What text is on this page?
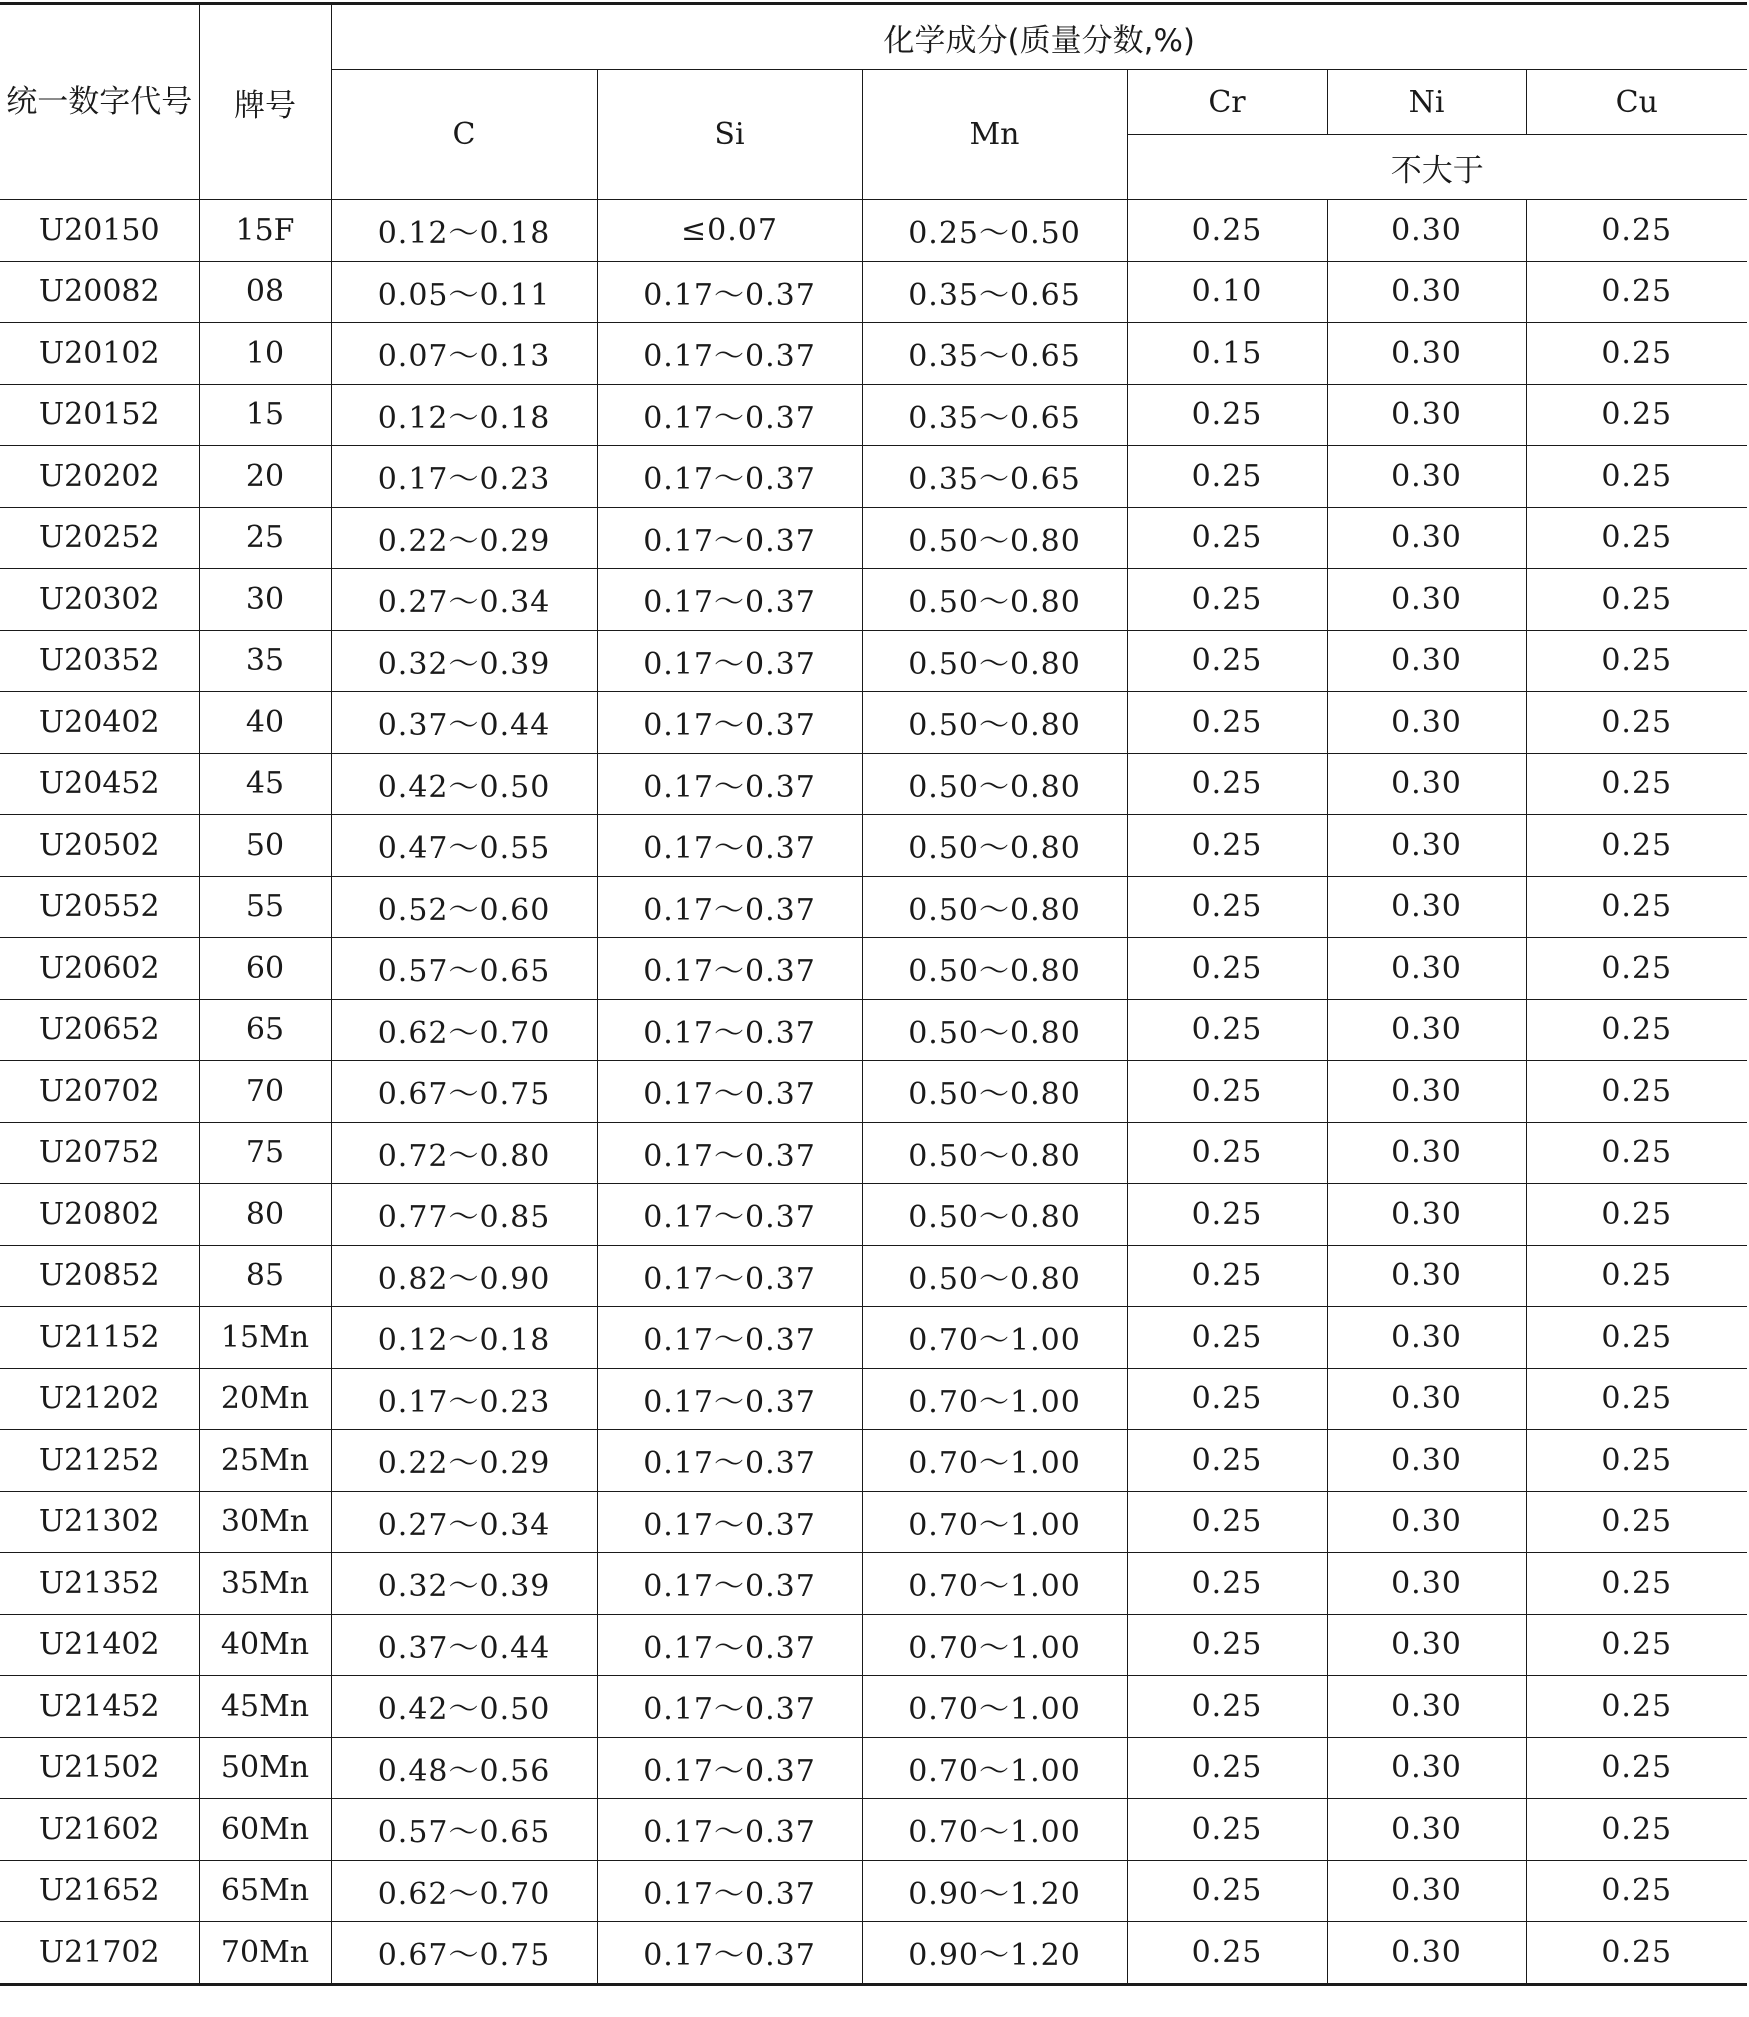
统一数字代号	牌号	化学成分(质量分数,%)					
		C	Si	Mn	Cr	Ni	Cu
					不大于		
U20150	15F	0.12～0.18	≤0.07	0.25～0.50	0.25	0.30	0.25
U20082	08	0.05～0.11	0.17～0.37	0.35～0.65	0.10	0.30	0.25
U20102	10	0.07～0.13	0.17～0.37	0.35～0.65	0.15	0.30	0.25
U20152	15	0.12～0.18	0.17～0.37	0.35～0.65	0.25	0.30	0.25
U20202	20	0.17～0.23	0.17～0.37	0.35～0.65	0.25	0.30	0.25
U20252	25	0.22～0.29	0.17～0.37	0.50～0.80	0.25	0.30	0.25
U20302	30	0.27～0.34	0.17～0.37	0.50～0.80	0.25	0.30	0.25
U20352	35	0.32～0.39	0.17～0.37	0.50～0.80	0.25	0.30	0.25
U20402	40	0.37～0.44	0.17～0.37	0.50～0.80	0.25	0.30	0.25
U20452	45	0.42～0.50	0.17～0.37	0.50～0.80	0.25	0.30	0.25
U20502	50	0.47～0.55	0.17～0.37	0.50～0.80	0.25	0.30	0.25
U20552	55	0.52～0.60	0.17～0.37	0.50～0.80	0.25	0.30	0.25
U20602	60	0.57～0.65	0.17～0.37	0.50～0.80	0.25	0.30	0.25
U20652	65	0.62～0.70	0.17～0.37	0.50～0.80	0.25	0.30	0.25
U20702	70	0.67～0.75	0.17～0.37	0.50～0.80	0.25	0.30	0.25
U20752	75	0.72～0.80	0.17～0.37	0.50～0.80	0.25	0.30	0.25
U20802	80	0.77～0.85	0.17～0.37	0.50～0.80	0.25	0.30	0.25
U20852	85	0.82～0.90	0.17～0.37	0.50～0.80	0.25	0.30	0.25
U21152	15Mn	0.12～0.18	0.17～0.37	0.70～1.00	0.25	0.30	0.25
U21202	20Mn	0.17～0.23	0.17～0.37	0.70～1.00	0.25	0.30	0.25
U21252	25Mn	0.22～0.29	0.17～0.37	0.70～1.00	0.25	0.30	0.25
U21302	30Mn	0.27～0.34	0.17～0.37	0.70～1.00	0.25	0.30	0.25
U21352	35Mn	0.32～0.39	0.17～0.37	0.70～1.00	0.25	0.30	0.25
U21402	40Mn	0.37～0.44	0.17～0.37	0.70～1.00	0.25	0.30	0.25
U21452	45Mn	0.42～0.50	0.17～0.37	0.70～1.00	0.25	0.30	0.25
U21502	50Mn	0.48～0.56	0.17～0.37	0.70～1.00	0.25	0.30	0.25
U21602	60Mn	0.57～0.65	0.17～0.37	0.70～1.00	0.25	0.30	0.25
U21652	65Mn	0.62～0.70	0.17～0.37	0.90～1.20	0.25	0.30	0.25
U21702	70Mn	0.67～0.75	0.17～0.37	0.90～1.20	0.25	0.30	0.25
